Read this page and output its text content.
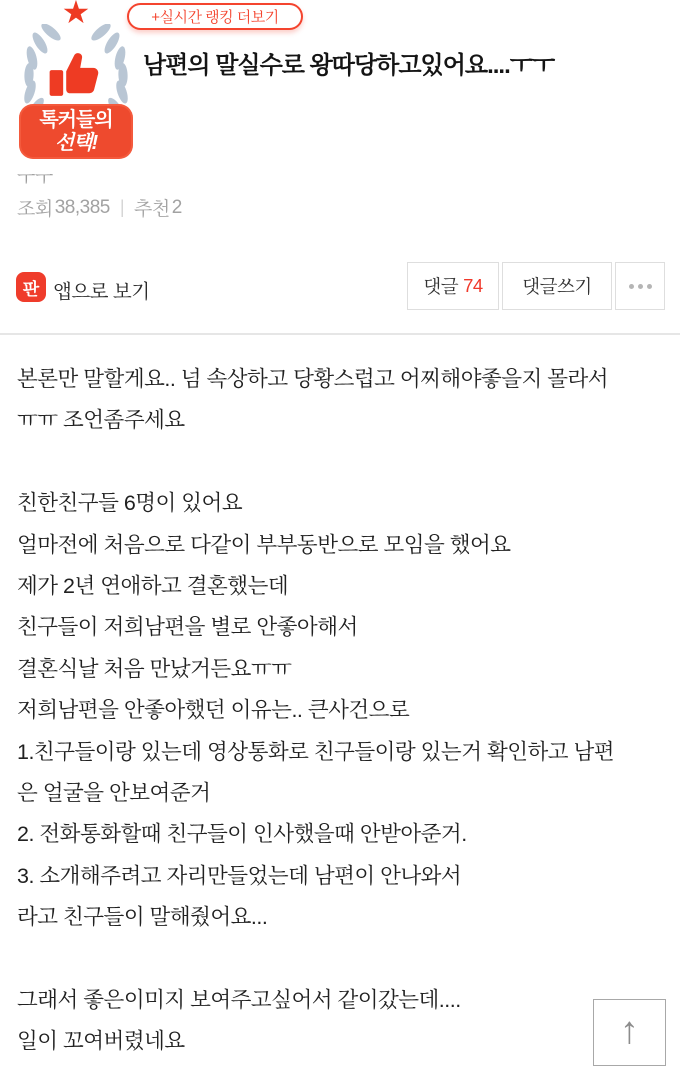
★
톡커들의
선택!
+실시간 랭킹 더보기
남편의 말실수로 왕따당하고있어요....ㅜㅜ
ㅜㅜ
조회 38,385 | 추천 2
판 앱으로 보기	댓글 74 댓글쓰기
본론만 말할게요.. 넘 속상하고 당황스럽고 어찌해야좋을지 몰라서
ㅠㅠ 조언좀주세요
친한친구들 6명이 있어요
얼마전에 처음으로 다같이 부부동반으로 모임을 했어요
제가 2년 연애하고 결혼했는데
친구들이 저희남편을 별로 안좋아해서
결혼식날 처음 만났거든요ㅠㅠ
저희남편을 안좋아했던 이유는.. 큰사건으로
1.친구들이랑 있는데 영상통화로 친구들이랑 있는거 확인하고 남편
은 얼굴을 안보여준거
2. 전화통화할때 친구들이 인사했을때 안받아준거.
3. 소개해주려고 자리만들었는데 남편이 안나와서
라고 친구들이 말해줬어요...
그래서 좋은이미지 보여주고싶어서 같이갔는데....
일이 꼬여버렸네요	↑
